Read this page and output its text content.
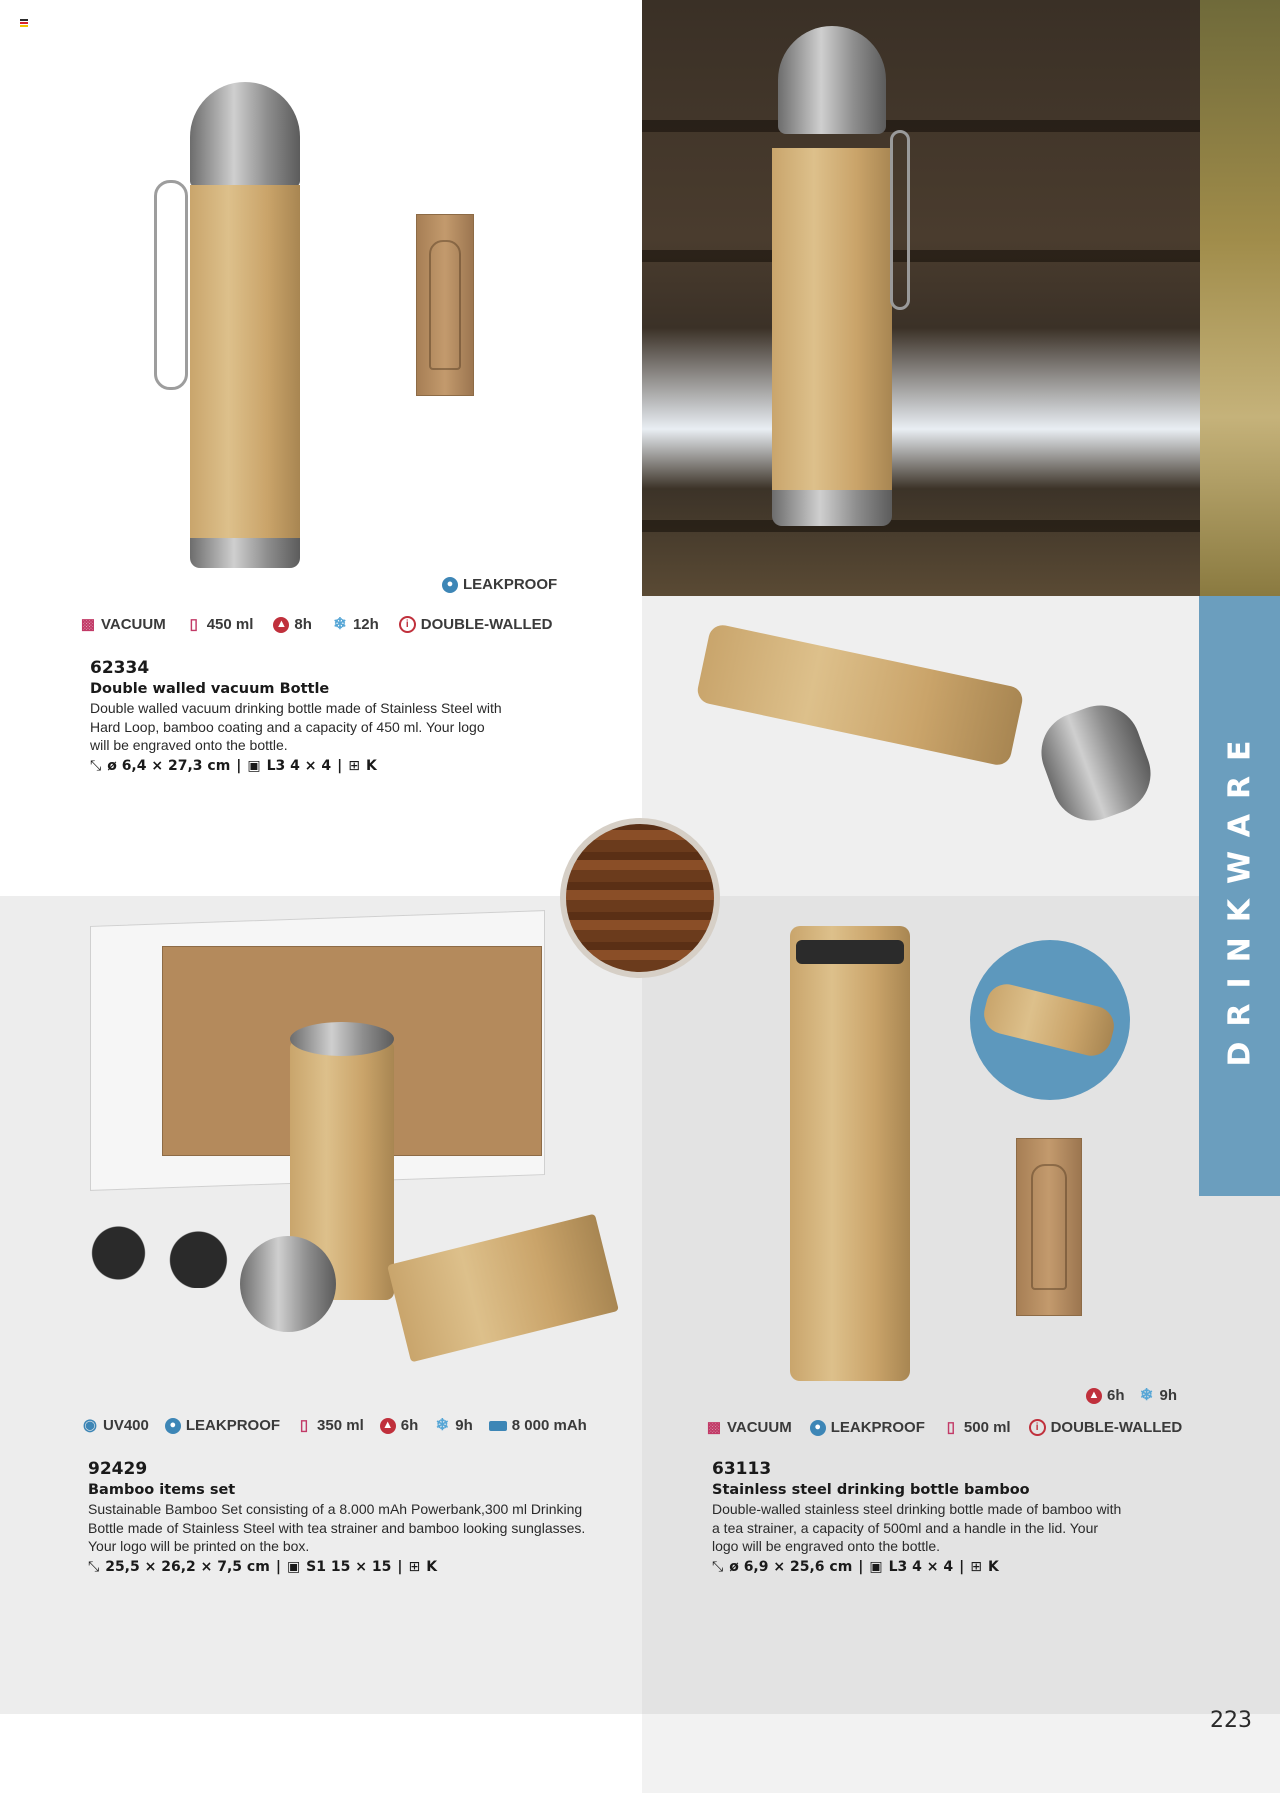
DRINKWARE
● LEAKPROOF
▩ VACUUM ▯ 450 ml ▲ 8h ❄ 12h	i DOUBLE-WALLED
62334
Double walled vacuum Bottle
Double walled vacuum drinking bottle made of Stainless Steel with
Hard Loop, bamboo coating and a capacity of 450 ml. Your logo
will be engraved onto the bottle.
⤡ ø 6,4 × 27,3 cm | ▣ L3 4 × 4 | ⊞ K
◉ UV400	● LEAKPROOF ▯ 350 ml ▲ 6h ❄ 9h	8 000 mAh
92429
Bamboo items set
Sustainable Bamboo Set consisting of a 8.000 mAh Powerbank,300 ml Drinking
Bottle made of Stainless Steel with tea strainer and bamboo looking sunglasses.
Your logo will be printed on the box.
⤡ 25,5 × 26,2 × 7,5 cm | ▣ S1 15 × 15 | ⊞ K
▲ 6h ❄ 9h
▩ VACUUM	● LEAKPROOF ▯ 500 ml	i DOUBLE-WALLED
63113
Stainless steel drinking bottle bamboo
Double-walled stainless steel drinking bottle made of bamboo with
a tea strainer, a capacity of 500ml and a handle in the lid. Your
logo will be engraved onto the bottle.
⤡ ø 6,9 × 25,6 cm | ▣ L3 4 × 4 | ⊞ K
223
